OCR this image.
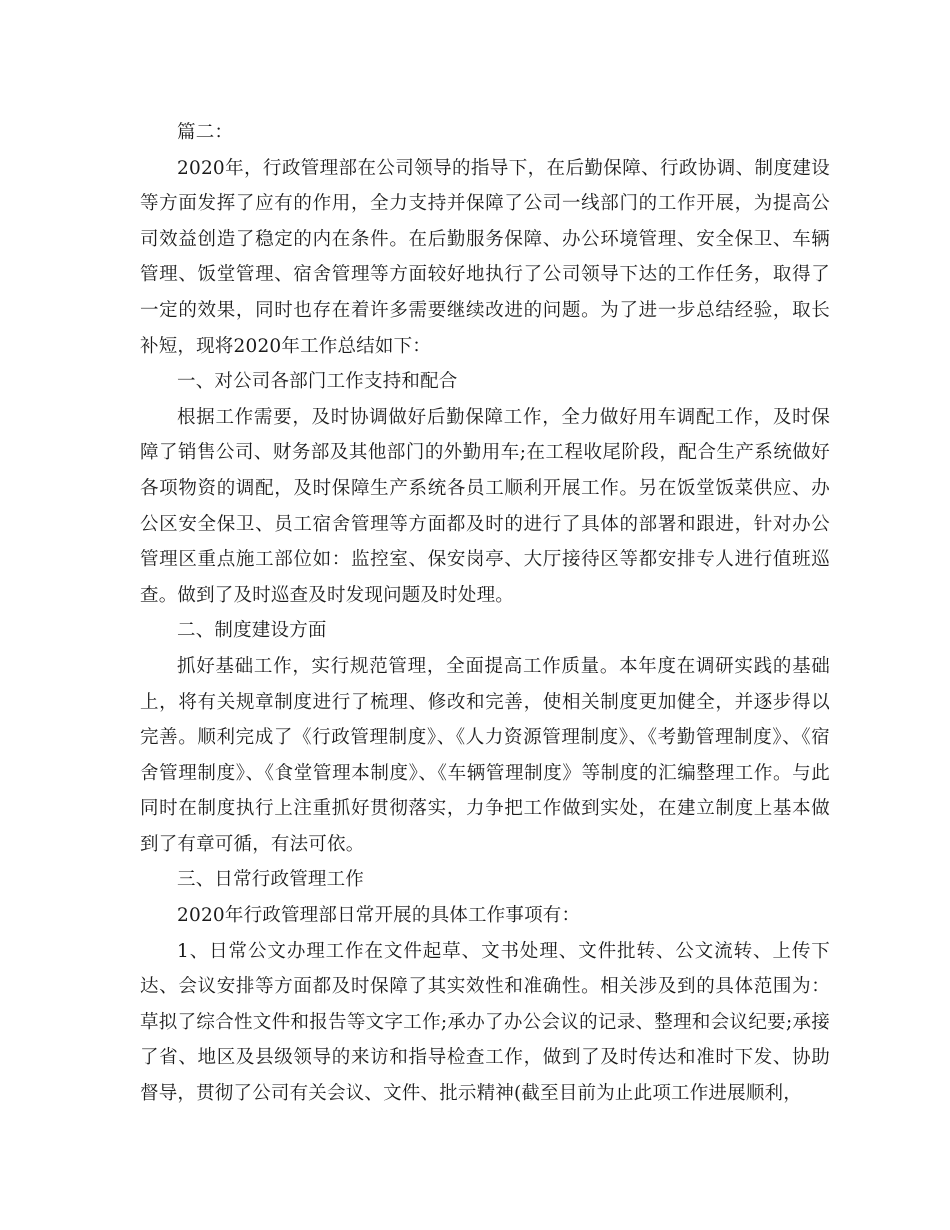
篇二：

2020年，行政管理部在公司领导的指导下，在后勤保障、行政协调、制度建设等方面发挥了应有的作用，全力支持并保障了公司一线部门的工作开展，为提高公司效益创造了稳定的内在条件。在后勤服务保障、办公环境管理、安全保卫、车辆管理、饭堂管理、宿舍管理等方面较好地执行了公司领导下达的工作任务，取得了一定的效果，同时也存在着许多需要继续改进的问题。为了进一步总结经验，取长补短，现将2020年工作总结如下：

一、对公司各部门工作支持和配合

根据工作需要，及时协调做好后勤保障工作，全力做好用车调配工作，及时保障了销售公司、财务部及其他部门的外勤用车;在工程收尾阶段，配合生产系统做好各项物资的调配，及时保障生产系统各员工顺利开展工作。另在饭堂饭菜供应、办公区安全保卫、员工宿舍管理等方面都及时的进行了具体的部署和跟进，针对办公管理区重点施工部位如：监控室、保安岗亭、大厅接待区等都安排专人进行值班巡查。做到了及时巡查及时发现问题及时处理。

二、制度建设方面

抓好基础工作，实行规范管理，全面提高工作质量。本年度在调研实践的基础上，将有关规章制度进行了梳理、修改和完善，使相关制度更加健全，并逐步得以完善。顺利完成了《行政管理制度》、《人力资源管理制度》、《考勤管理制度》、《宿舍管理制度》、《食堂管理本制度》、《车辆管理制度》等制度的汇编整理工作。与此同时在制度执行上注重抓好贯彻落实，力争把工作做到实处，在建立制度上基本做到了有章可循，有法可依。

三、日常行政管理工作

2020年行政管理部日常开展的具体工作事项有：

1、日常公文办理工作在文件起草、文书处理、文件批转、公文流转、上传下达、会议安排等方面都及时保障了其实效性和准确性。相关涉及到的具体范围为：草拟了综合性文件和报告等文字工作;承办了办公会议的记录、整理和会议纪要;承接了省、地区及县级领导的来访和指导检查工作，做到了及时传达和准时下发、协助督导，贯彻了公司有关会议、文件、批示精神(截至目前为止此项工作进展顺利，
